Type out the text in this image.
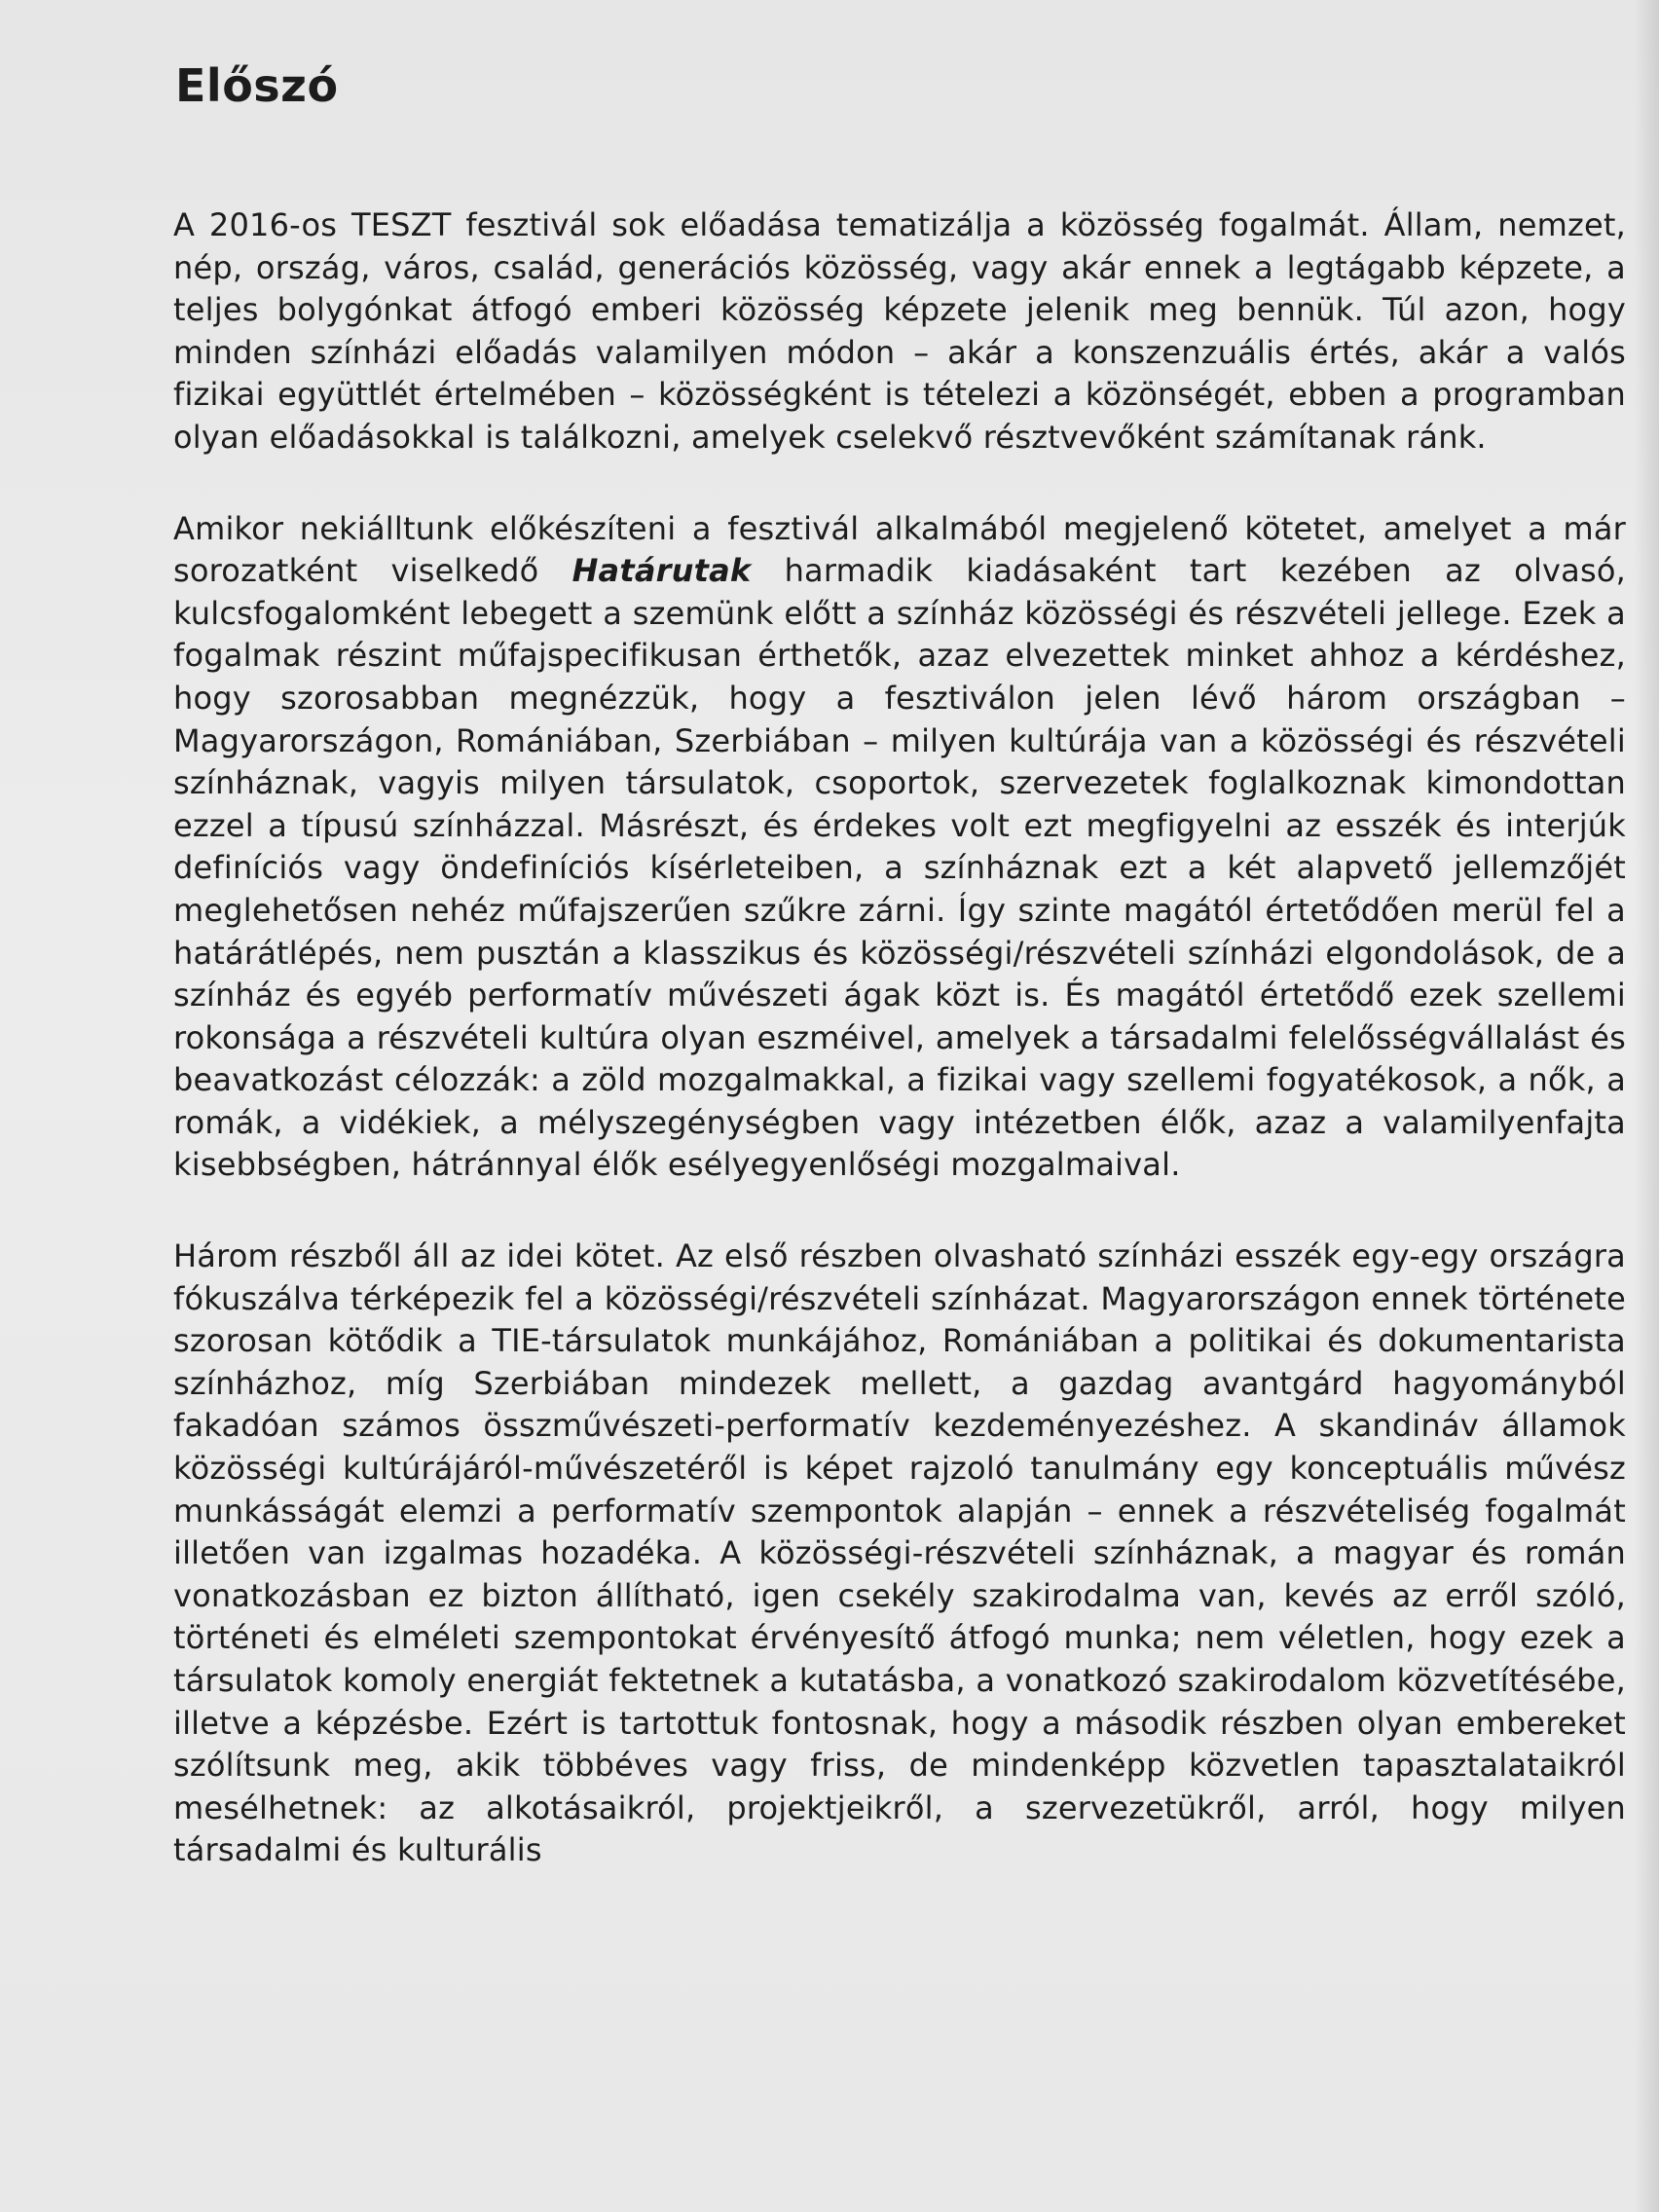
Előszó

A 2016-os TESZT fesztivál sok előadása tematizálja a közösség fogalmát. Állam, nemzet, nép, ország, város, család, generációs közösség, vagy akár ennek a legtágabb képzete, a teljes bolygónkat átfogó emberi közösség képzete jelenik meg bennük. Túl azon, hogy minden színházi előadás valamilyen módon – akár a konszenzuális értés, akár a valós fizikai együttlét értelmében – közösségként is tételezi a közönségét, ebben a programban olyan előadásokkal is találkozni, amelyek cselekvő résztvevőként számítanak ránk.

Amikor nekiálltunk előkészíteni a fesztivál alkalmából megjelenő kötetet, amelyet a már sorozatként viselkedő Határutak harmadik kiadásaként tart kezében az olvasó, kulcsfogalomként lebegett a szemünk előtt a színház közösségi és részvételi jellege. Ezek a fogalmak részint műfajspecifikusan érthetők, azaz elvezettek minket ahhoz a kérdéshez, hogy szorosabban megnézzük, hogy a fesztiválon jelen lévő három országban – Magyarországon, Romániában, Szerbiában – milyen kultúrája van a közösségi és részvételi színháznak, vagyis milyen társulatok, csoportok, szervezetek foglalkoznak kimondottan ezzel a típusú színházzal. Másrészt, és érdekes volt ezt megfigyelni az esszék és interjúk definíciós vagy öndefiníciós kísérleteiben, a színháznak ezt a két alapvető jellemzőjét meglehetősen nehéz műfajszerűen szűkre zárni. Így szinte magától értetődően merül fel a határátlépés, nem pusztán a klasszikus és közösségi/részvételi színházi elgondolások, de a színház és egyéb performatív művészeti ágak közt is. És magától értetődő ezek szellemi rokonsága a részvételi kultúra olyan eszméivel, amelyek a társadalmi felelősségvállalást és beavatkozást célozzák: a zöld mozgalmakkal, a fizikai vagy szellemi fogyatékosok, a nők, a romák, a vidékiek, a mélyszegénységben vagy intézetben élők, azaz a valamilyenfajta kisebbségben, hátránnyal élők esélyegyenlőségi mozgalmaival.

Három részből áll az idei kötet. Az első részben olvasható színházi esszék egy-egy országra fókuszálva térképezik fel a közösségi/részvételi színházat. Magyarországon ennek története szorosan kötődik a TIE-társulatok munkájához, Romániában a politikai és dokumentarista színházhoz, míg Szerbiában mindezek mellett, a gazdag avantgárd hagyományból fakadóan számos összművészeti-performatív kezdeményezéshez. A skandináv államok közösségi kultúrájáról-művészetéről is képet rajzoló tanulmány egy konceptuális művész munkásságát elemzi a performatív szempontok alapján – ennek a részvételiség fogalmát illetően van izgalmas hozadéka. A közösségi-részvételi színháznak, a magyar és román vonatkozásban ez bizton állítható, igen csekély szakirodalma van, kevés az erről szóló, történeti és elméleti szempontokat érvényesítő átfogó munka; nem véletlen, hogy ezek a társulatok komoly energiát fektetnek a kutatásba, a vonatkozó szakirodalom közvetítésébe, illetve a képzésbe. Ezért is tartottuk fontosnak, hogy a második részben olyan embereket szólítsunk meg, akik többéves vagy friss, de mindenképp közvetlen tapasztalataikról mesélhetnek: az alkotásaikról, projektjeikről, a szervezetükről, arról, hogy milyen társadalmi és kulturális
